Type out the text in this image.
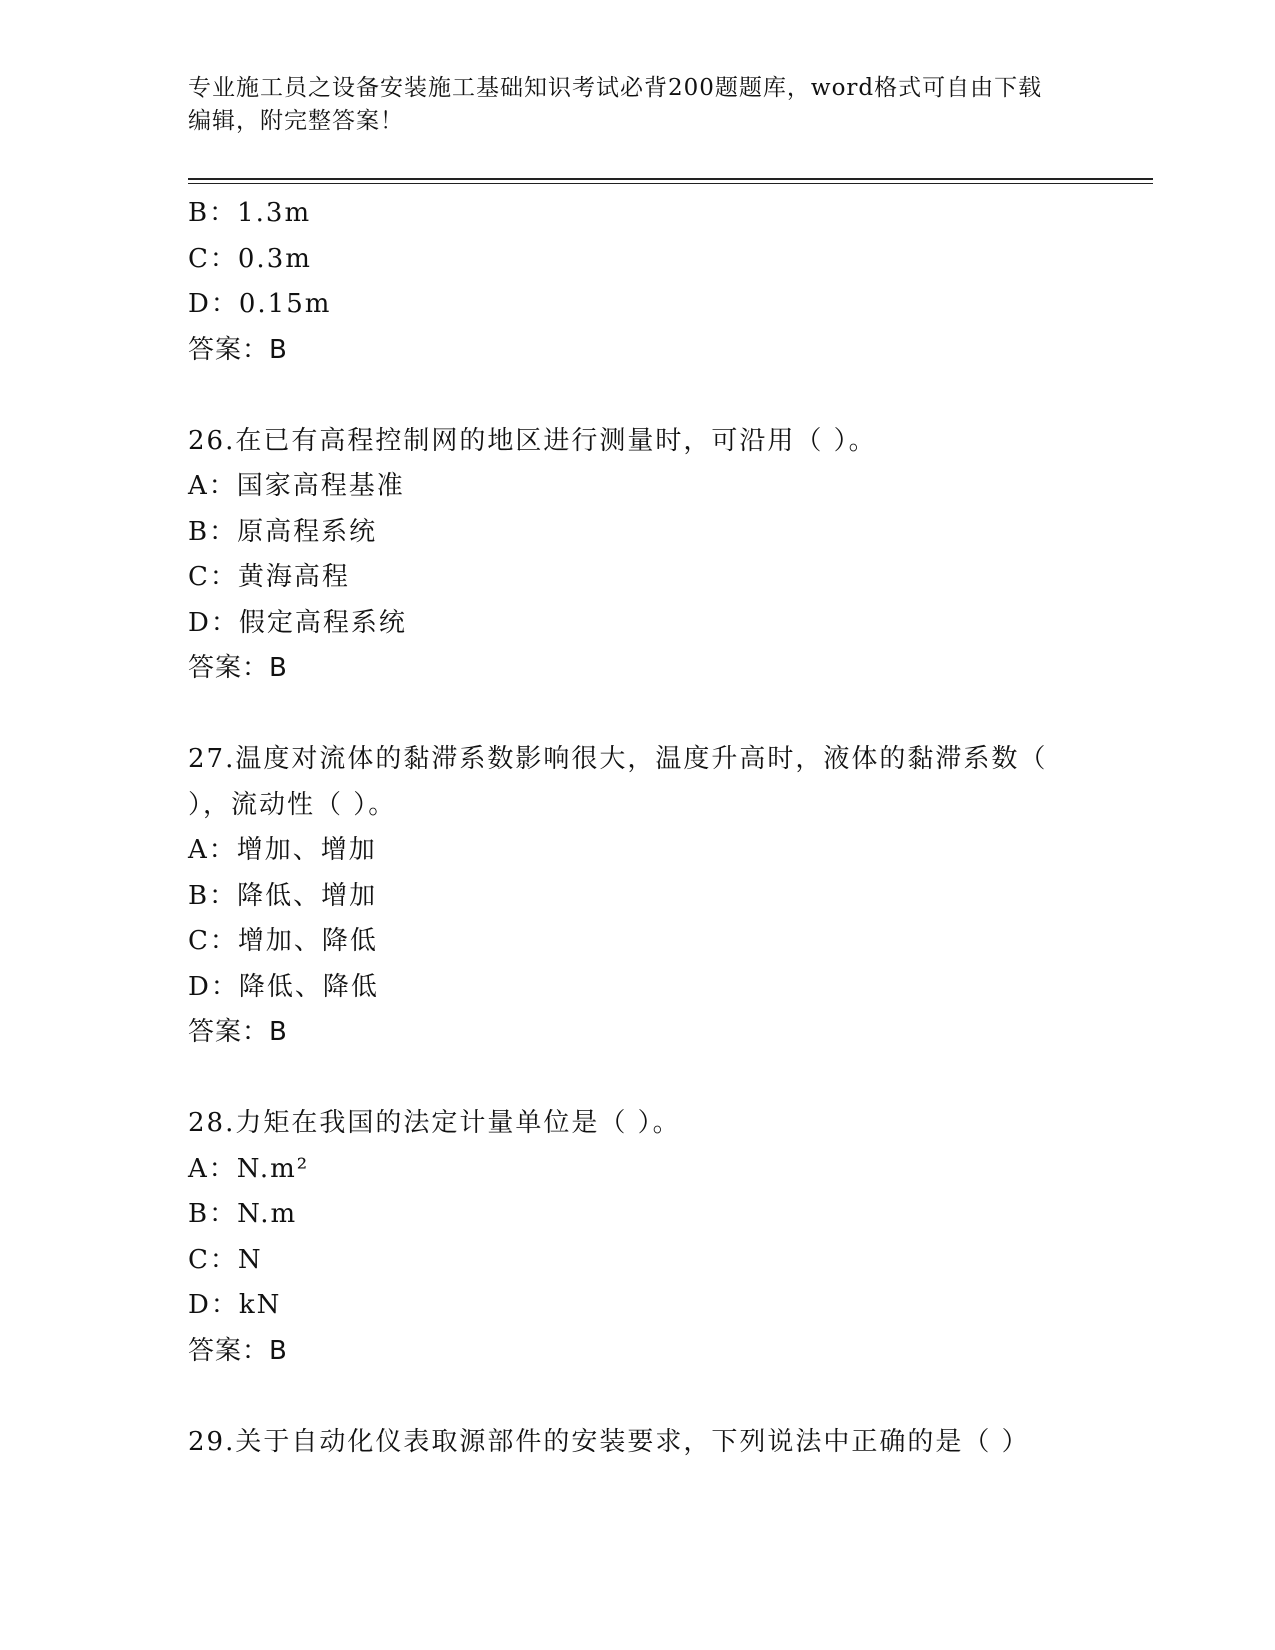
专业施工员之设备安装施工基础知识考试必背200题题库，word格式可自由下载
编辑，附完整答案！
B：1.3m
C：0.3m
D：0.15m
答案：B
26.在已有高程控制网的地区进行测量时，可沿用（ ）。
A：国家高程基准
B：原高程系统
C：黄海高程
D：假定高程系统
答案：B
27.温度对流体的黏滞系数影响很大，温度升高时，液体的黏滞系数（
），流动性（ ）。
A：增加、增加
B：降低、增加
C：增加、降低
D：降低、降低
答案：B
28.力矩在我国的法定计量单位是（ ）。
A：N.m²
B：N.m
C：N
D：kN
答案：B
29.关于自动化仪表取源部件的安装要求，下列说法中正确的是（ ）
